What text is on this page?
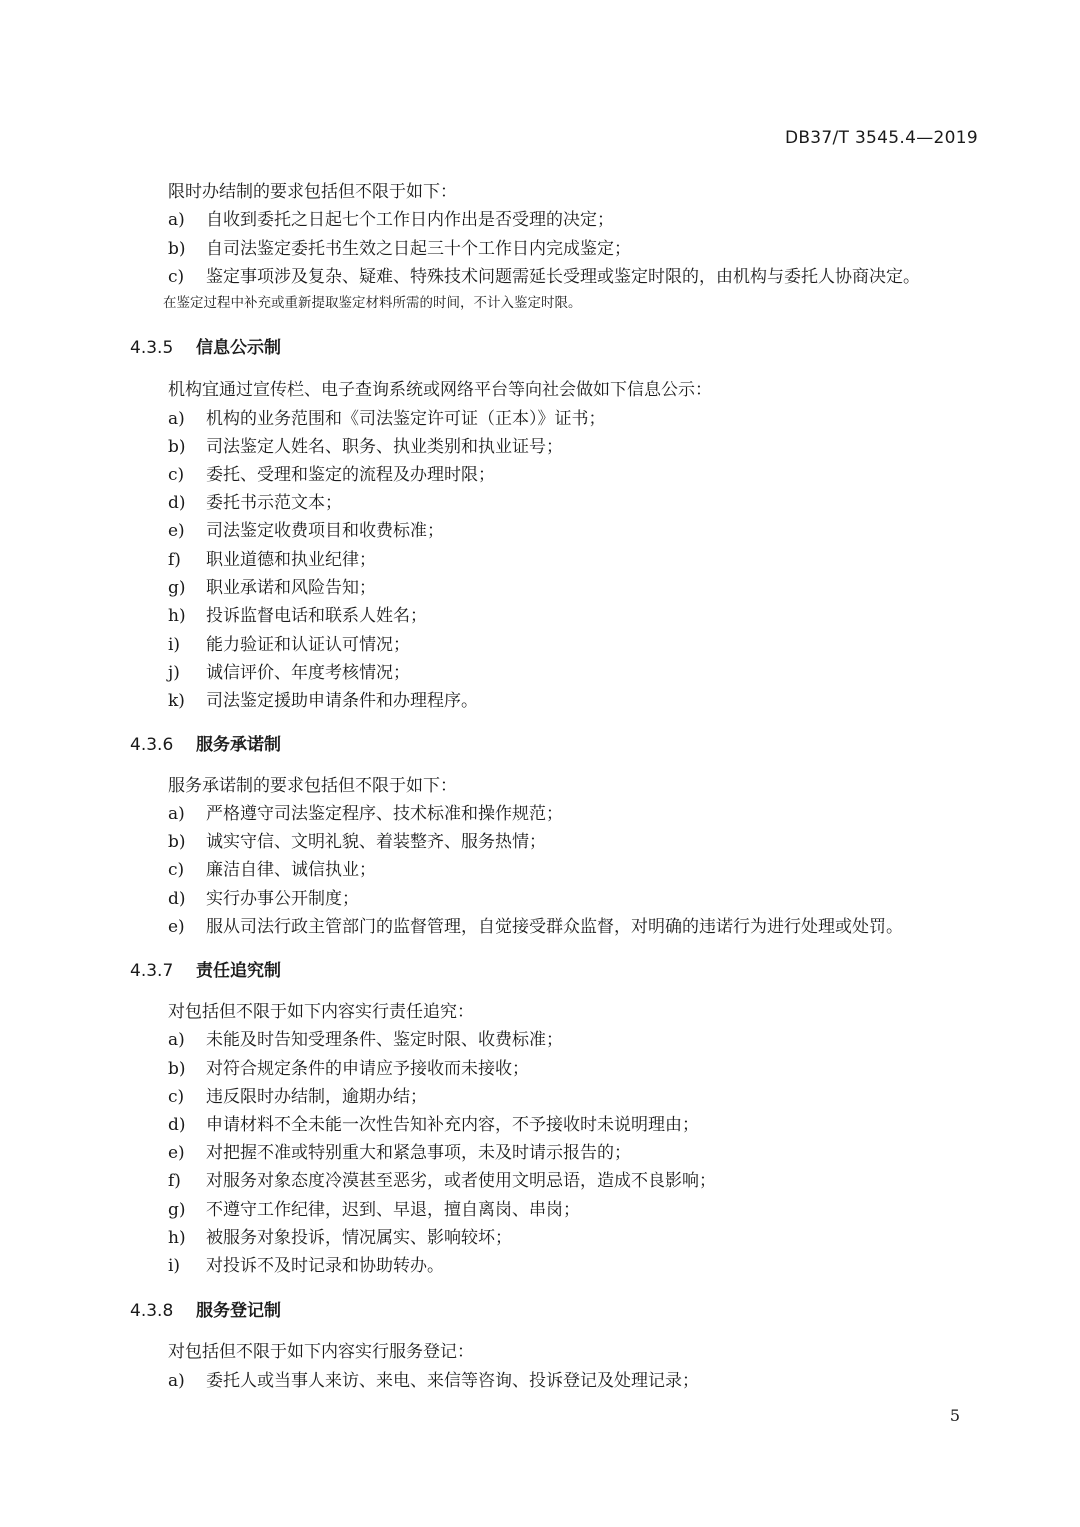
DB37/T 3545.4—2019
限时办结制的要求包括但不限于如下：
a) 自收到委托之日起七个工作日内作出是否受理的决定；
b) 自司法鉴定委托书生效之日起三十个工作日内完成鉴定；
c) 鉴定事项涉及复杂、疑难、特殊技术问题需延长受理或鉴定时限的，由机构与委托人协商决定。
在鉴定过程中补充或重新提取鉴定材料所需的时间，不计入鉴定时限。
4.3.5 信息公示制
机构宜通过宣传栏、电子查询系统或网络平台等向社会做如下信息公示：
a) 机构的业务范围和《司法鉴定许可证（正本）》证书；
b) 司法鉴定人姓名、职务、执业类别和执业证号；
c) 委托、受理和鉴定的流程及办理时限；
d) 委托书示范文本；
e) 司法鉴定收费项目和收费标准；
f) 职业道德和执业纪律；
g) 职业承诺和风险告知；
h) 投诉监督电话和联系人姓名；
i) 能力验证和认证认可情况；
j) 诚信评价、年度考核情况；
k) 司法鉴定援助申请条件和办理程序。
4.3.6 服务承诺制
服务承诺制的要求包括但不限于如下：
a) 严格遵守司法鉴定程序、技术标准和操作规范；
b) 诚实守信、文明礼貌、着装整齐、服务热情；
c) 廉洁自律、诚信执业；
d) 实行办事公开制度；
e) 服从司法行政主管部门的监督管理，自觉接受群众监督，对明确的违诺行为进行处理或处罚。
4.3.7 责任追究制
对包括但不限于如下内容实行责任追究：
a) 未能及时告知受理条件、鉴定时限、收费标准；
b) 对符合规定条件的申请应予接收而未接收；
c) 违反限时办结制，逾期办结；
d) 申请材料不全未能一次性告知补充内容，不予接收时未说明理由；
e) 对把握不准或特别重大和紧急事项，未及时请示报告的；
f) 对服务对象态度冷漠甚至恶劣，或者使用文明忌语，造成不良影响；
g) 不遵守工作纪律，迟到、早退，擅自离岗、串岗；
h) 被服务对象投诉，情况属实、影响较坏；
i) 对投诉不及时记录和协助转办。
4.3.8 服务登记制
对包括但不限于如下内容实行服务登记：
a) 委托人或当事人来访、来电、来信等咨询、投诉登记及处理记录；
5
